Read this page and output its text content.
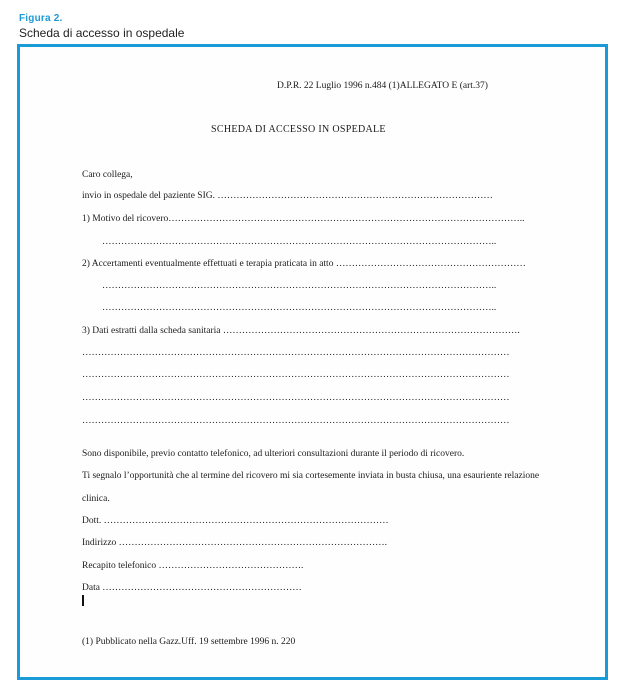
Figura 2.
Scheda di accesso in ospedale
D.P.R. 22 Luglio 1996 n.484 (1)ALLEGATO E (art.37)
SCHEDA DI ACCESSO IN OSPEDALE
Caro collega,
invio in ospedale del paziente SIG. ……………………………………………………………………………
1) Motivo del ricovero…………………………………………………………………………………………………..
……………………………………………………………………………………………………………..
2) Accertamenti eventualmente effettuati e terapia praticata in atto ……………………………………………………
……………………………………………………………………………………………………………..
……………………………………………………………………………………………………………..
3) Dati estratti dalla scheda sanitaria ………………………………………………………………………………….
………………………………………………………………………………………………………………………
………………………………………………………………………………………………………………………
………………………………………………………………………………………………………………………
………………………………………………………………………………………………………………………
Sono disponibile, previo contatto telefonico, ad ulteriori consultazioni durante il periodo di ricovero.
Ti segnalo l’opportunità che al termine del ricovero mi sia cortesemente inviata in busta chiusa, una esauriente relazione
clinica.
Dott. ………………………………………………………………………………
Indirizzo ………………………………………………………………………….
Recapito telefonico ……………………………………….
Data ………………………………………………………
(1) Pubblicato nella Gazz.Uff. 19 settembre 1996 n. 220
